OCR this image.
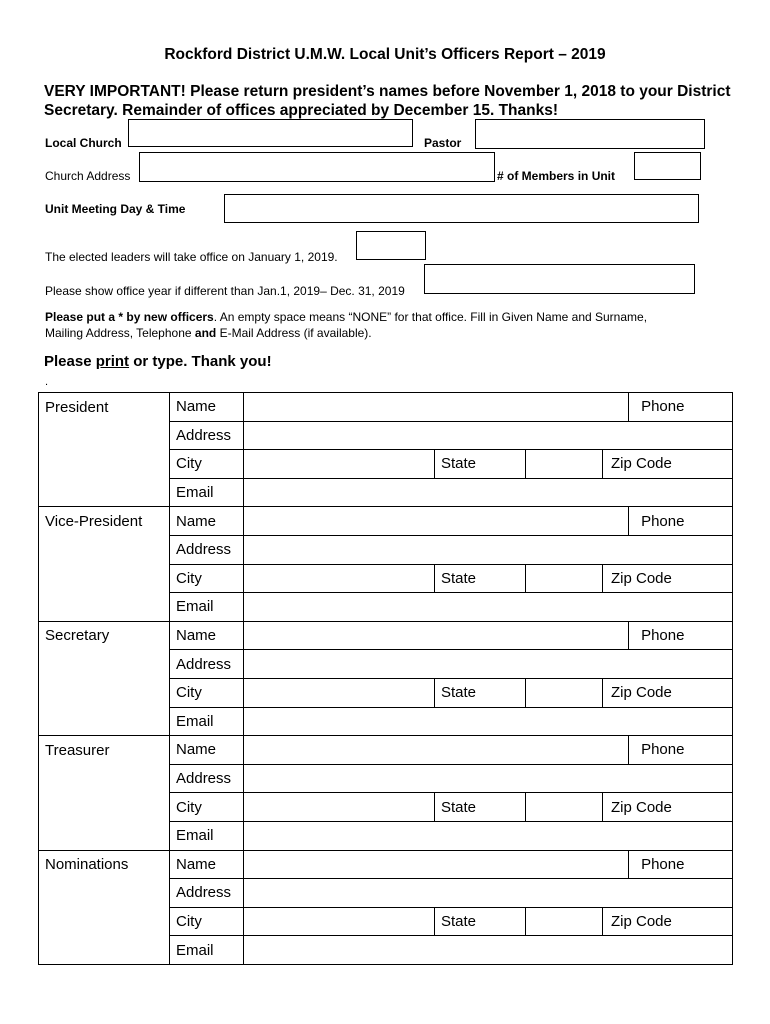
Rockford District U.M.W. Local Unit’s Officers Report – 2019
VERY IMPORTANT! Please return president’s names before November 1, 2018 to your District
Secretary. Remainder of offices appreciated by December 15. Thanks!
Local Church	Pastor
Church Address	# of Members in Unit
Unit Meeting Day & Time
The elected leaders will take office on January 1, 2019.
Please show office year if different than Jan.1, 2019– Dec. 31, 2019
Please put a * by new officers. An empty space means “NONE” for that office. Fill in Given Name and Surname,
Mailing Address, Telephone and E-Mail Address (if available).
Please print or type. Thank you!
.
President	Name					Phone	
	Address						
	City		State		Zip Code		
	Email						
Vice-President	Name					Phone	
	Address						
	City		State		Zip Code		
	Email						
Secretary	Name					Phone	
	Address						
	City		State		Zip Code		
	Email						
Treasurer	Name					Phone	
	Address						
	City		State		Zip Code		
	Email						
Nominations	Name					Phone	
	Address						
	City		State		Zip Code		
	Email						
